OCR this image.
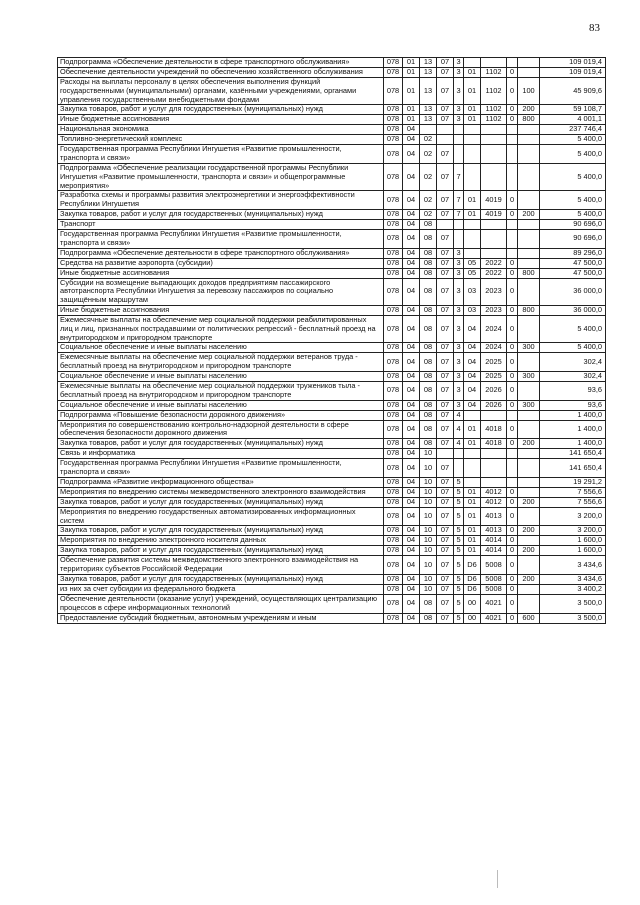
83
Подпрограмма «Обеспечение деятельности в сфере транспортного обслуживания»	078	01	13	07	3					109 019,4
Обеспечение деятельности учреждений по обеспечению хозяйственного обслуживания	078	01	13	07	3	01	1102	0		109 019,4
Расходы на выплаты персоналу в целях обеспечения выполнения функций государственными (муниципальными) органами, казёнными учреждениями, органами управления государственными внебюджетными фондами	078	01	13	07	3	01	1102	0	100	45 909,6
Закупка товаров, работ и услуг для государственных (муниципальных) нужд	078	01	13	07	3	01	1102	0	200	59 108,7
Иные бюджетные ассигнования	078	01	13	07	3	01	1102	0	800	4 001,1
Национальная экономика	078	04								237 746,4
Топливно-энергетический комплекс	078	04	02							5 400,0
Государственная программа Республики Ингушетия «Развитие промышленности, транспорта и связи»	078	04	02	07						5 400,0
Подпрограмма «Обеспечение реализации государственной программы Республики Ингушетия «Развитие промышленности, транспорта и связи» и общепрограммные мероприятия»	078	04	02	07	7					5 400,0
Разработка схемы и программы развития электроэнергетики и энергоэффективности Республики Ингушетия	078	04	02	07	7	01	4019	0		5 400,0
Закупка товаров, работ и услуг для государственных (муниципальных) нужд	078	04	02	07	7	01	4019	0	200	5 400,0
Транспорт	078	04	08							90 696,0
Государственная программа Республики Ингушетия «Развитие промышленности, транспорта и связи»	078	04	08	07						90 696,0
Подпрограмма «Обеспечение деятельности в сфере транспортного обслуживания»	078	04	08	07	3					89 296,0
Средства на развитие аэропорта (субсидии)	078	04	08	07	3	05	2022	0		47 500,0
Иные бюджетные ассигнования	078	04	08	07	3	05	2022	0	800	47 500,0
Субсидии на возмещение выпадающих доходов предприятиям пассажирского автотранспорта Республики Ингушетия за перевозку пассажиров по социально защищённым маршрутам	078	04	08	07	3	03	2023	0		36 000,0
Иные бюджетные ассигнования	078	04	08	07	3	03	2023	0	800	36 000,0
Ежемесячные выплаты на обеспечение мер социальной поддержки реабилитированных лиц и лиц, признанных пострадавшими от политических репрессий - бесплатный проезд на внутригородском и пригородном транспорте	078	04	08	07	3	04	2024	0		5 400,0
Социальное обеспечение и иные выплаты населению	078	04	08	07	3	04	2024	0	300	5 400,0
Ежемесячные выплаты на обеспечение мер социальной поддержки ветеранов труда - бесплатный проезд на внутригородском и пригородном транспорте	078	04	08	07	3	04	2025	0		302,4
Социальное обеспечение и иные выплаты населению	078	04	08	07	3	04	2025	0	300	302,4
Ежемесячные выплаты на обеспечение мер социальной поддержки тружеников тыла - бесплатный проезд на внутригородском и пригородном транспорте	078	04	08	07	3	04	2026	0		93,6
Социальное обеспечение и иные выплаты населению	078	04	08	07	3	04	2026	0	300	93,6
Подпрограмма «Повышение безопасности дорожного движения»	078	04	08	07	4					1 400,0
Мероприятия по совершенствованию контрольно-надзорной деятельности в сфере обеспечения безопасности дорожного движения	078	04	08	07	4	01	4018	0		1 400,0
Закупка товаров, работ и услуг для государственных (муниципальных) нужд	078	04	08	07	4	01	4018	0	200	1 400,0
Связь и информатика	078	04	10							141 650,4
Государственная программа Республики Ингушетия «Развитие промышленности, транспорта и связи»	078	04	10	07						141 650,4
Подпрограмма «Развитие информационного общества»	078	04	10	07	5					19 291,2
Мероприятия по внедрению системы межведомственного электронного взаимодействия	078	04	10	07	5	01	4012	0		7 556,6
Закупка товаров, работ и услуг для государственных (муниципальных) нужд	078	04	10	07	5	01	4012	0	200	7 556,6
Мероприятия по внедрению государственных автоматизированных информационных систем	078	04	10	07	5	01	4013	0		3 200,0
Закупка товаров, работ и услуг для государственных (муниципальных) нужд	078	04	10	07	5	01	4013	0	200	3 200,0
Мероприятия по внедрению электронного носителя данных	078	04	10	07	5	01	4014	0		1 600,0
Закупка товаров, работ и услуг для государственных (муниципальных) нужд	078	04	10	07	5	01	4014	0	200	1 600,0
Обеспечение развития системы межведомственного электронного взаимодействия на территориях субъектов Российской Федерации	078	04	10	07	5	D6	5008	0		3 434,6
Закупка товаров, работ и услуг для государственных (муниципальных) нужд	078	04	10	07	5	D6	5008	0	200	3 434,6
из них за счет субсидии из федерального бюджета	078	04	10	07	5	D6	5008	0		3 400,2
Обеспечение деятельности (оказание услуг) учреждений, осуществляющих централизацию процессов в сфере информационных технологий	078	04	08	07	5	00	4021	0		3 500,0
Предоставление субсидий бюджетным, автономным учреждениям и иным	078	04	08	07	5	00	4021	0	600	3 500,0
